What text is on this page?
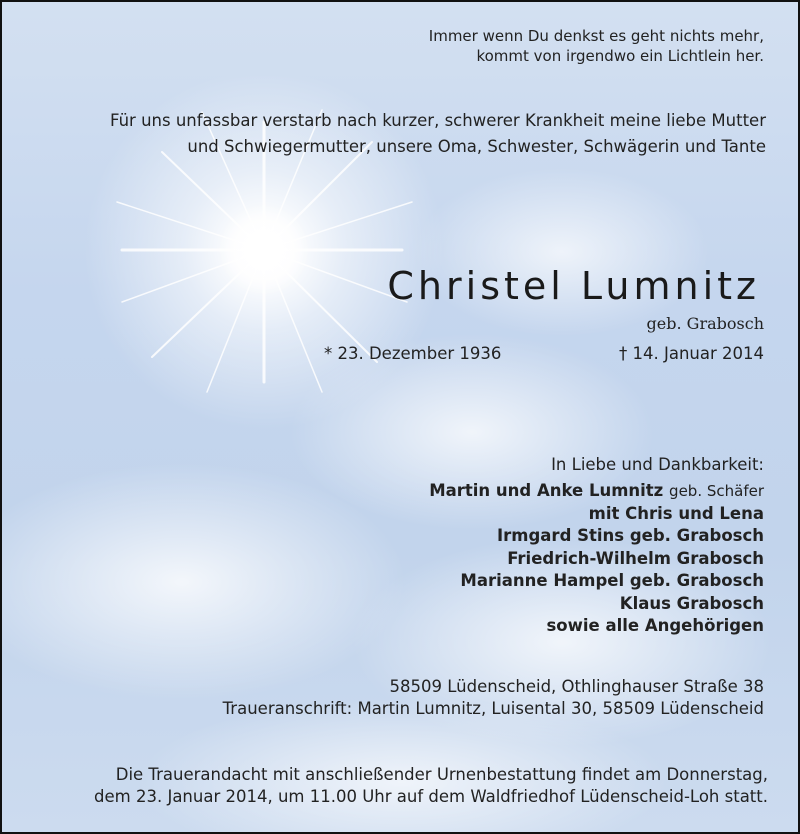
Immer wenn Du denkst es geht nichts mehr,
kommt von irgendwo ein Lichtlein her.
Für uns unfassbar verstarb nach kurzer, schwerer Krankheit meine liebe Mutter
und Schwiegermutter, unsere Oma, Schwester, Schwägerin und Tante
Christel Lumnitz
geb. Grabosch
* 23. Dezember 1936	† 14. Januar 2014
In Liebe und Dankbarkeit:
Martin und Anke Lumnitz geb. Schäfer
mit Chris und Lena
Irmgard Stins geb. Grabosch
Friedrich-Wilhelm Grabosch
Marianne Hampel geb. Grabosch
Klaus Grabosch
sowie alle Angehörigen
58509 Lüdenscheid, Othlinghauser Straße 38
Traueranschrift: Martin Lumnitz, Luisental 30, 58509 Lüdenscheid
Die Trauerandacht mit anschließender Urnenbestattung findet am Donnerstag,
dem 23. Januar 2014, um 11.00 Uhr auf dem Waldfriedhof Lüdenscheid-Loh statt.
